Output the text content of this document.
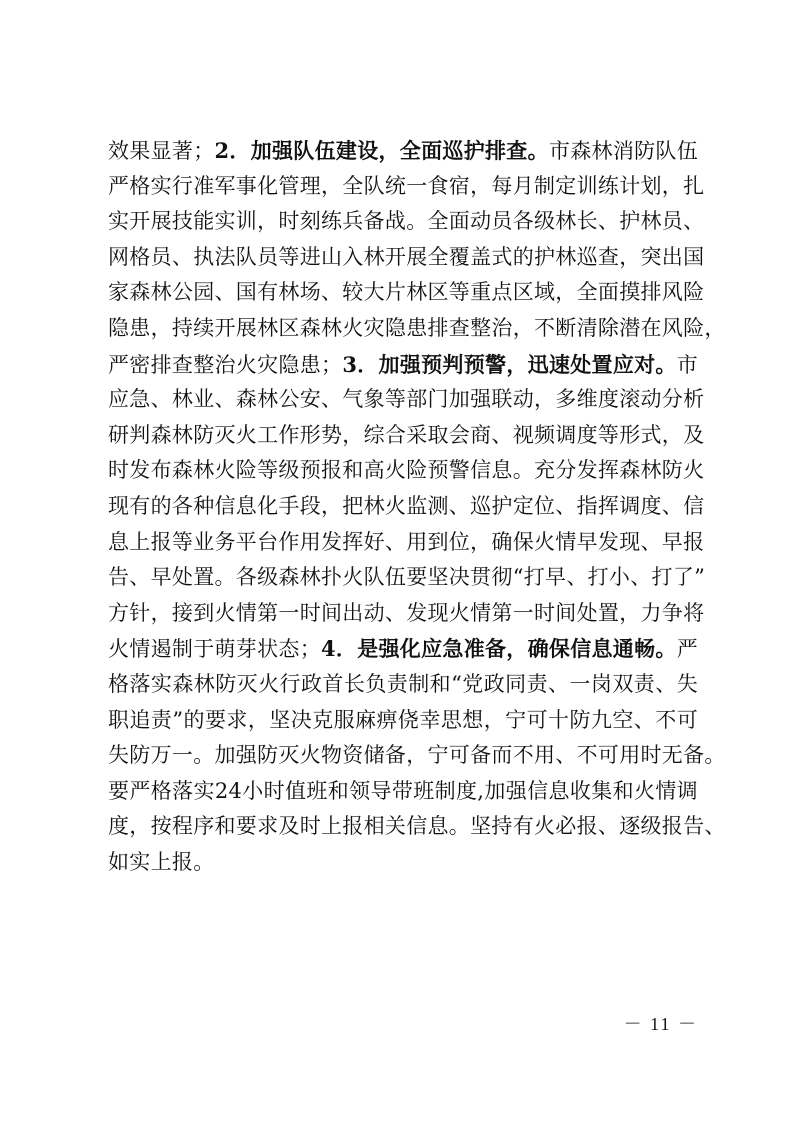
效果显著；2．加强队伍建设，全面巡护排查。市森林消防队伍
严格实行准军事化管理，全队统一食宿，每月制定训练计划，扎
实开展技能实训，时刻练兵备战。全面动员各级林长、护林员、
网格员、执法队员等进山入林开展全覆盖式的护林巡查，突出国
家森林公园、国有林场、较大片林区等重点区域，全面摸排风险
隐患，持续开展林区森林火灾隐患排查整治，不断清除潜在风险，
严密排查整治火灾隐患；3．加强预判预警，迅速处置应对。市
应急、林业、森林公安、气象等部门加强联动，多维度滚动分析
研判森林防灭火工作形势，综合采取会商、视频调度等形式，及
时发布森林火险等级预报和高火险预警信息。充分发挥森林防火
现有的各种信息化手段，把林火监测、巡护定位、指挥调度、信
息上报等业务平台作用发挥好、用到位，确保火情早发现、早报
告、早处置。各级森林扑火队伍要坚决贯彻“打早、打小、打了”
方针，接到火情第一时间出动、发现火情第一时间处置，力争将
火情遏制于萌芽状态；4．是强化应急准备，确保信息通畅。严
格落实森林防灭火行政首长负责制和“党政同责、一岗双责、失
职追责”的要求，坚决克服麻痹侥幸思想，宁可十防九空、不可
失防万一。加强防灭火物资储备，宁可备而不用、不可用时无备。
要严格落实24小时值班和领导带班制度,加强信息收集和火情调
度，按程序和要求及时上报相关信息。坚持有火必报、逐级报告、
如实上报。
－ 11 －
